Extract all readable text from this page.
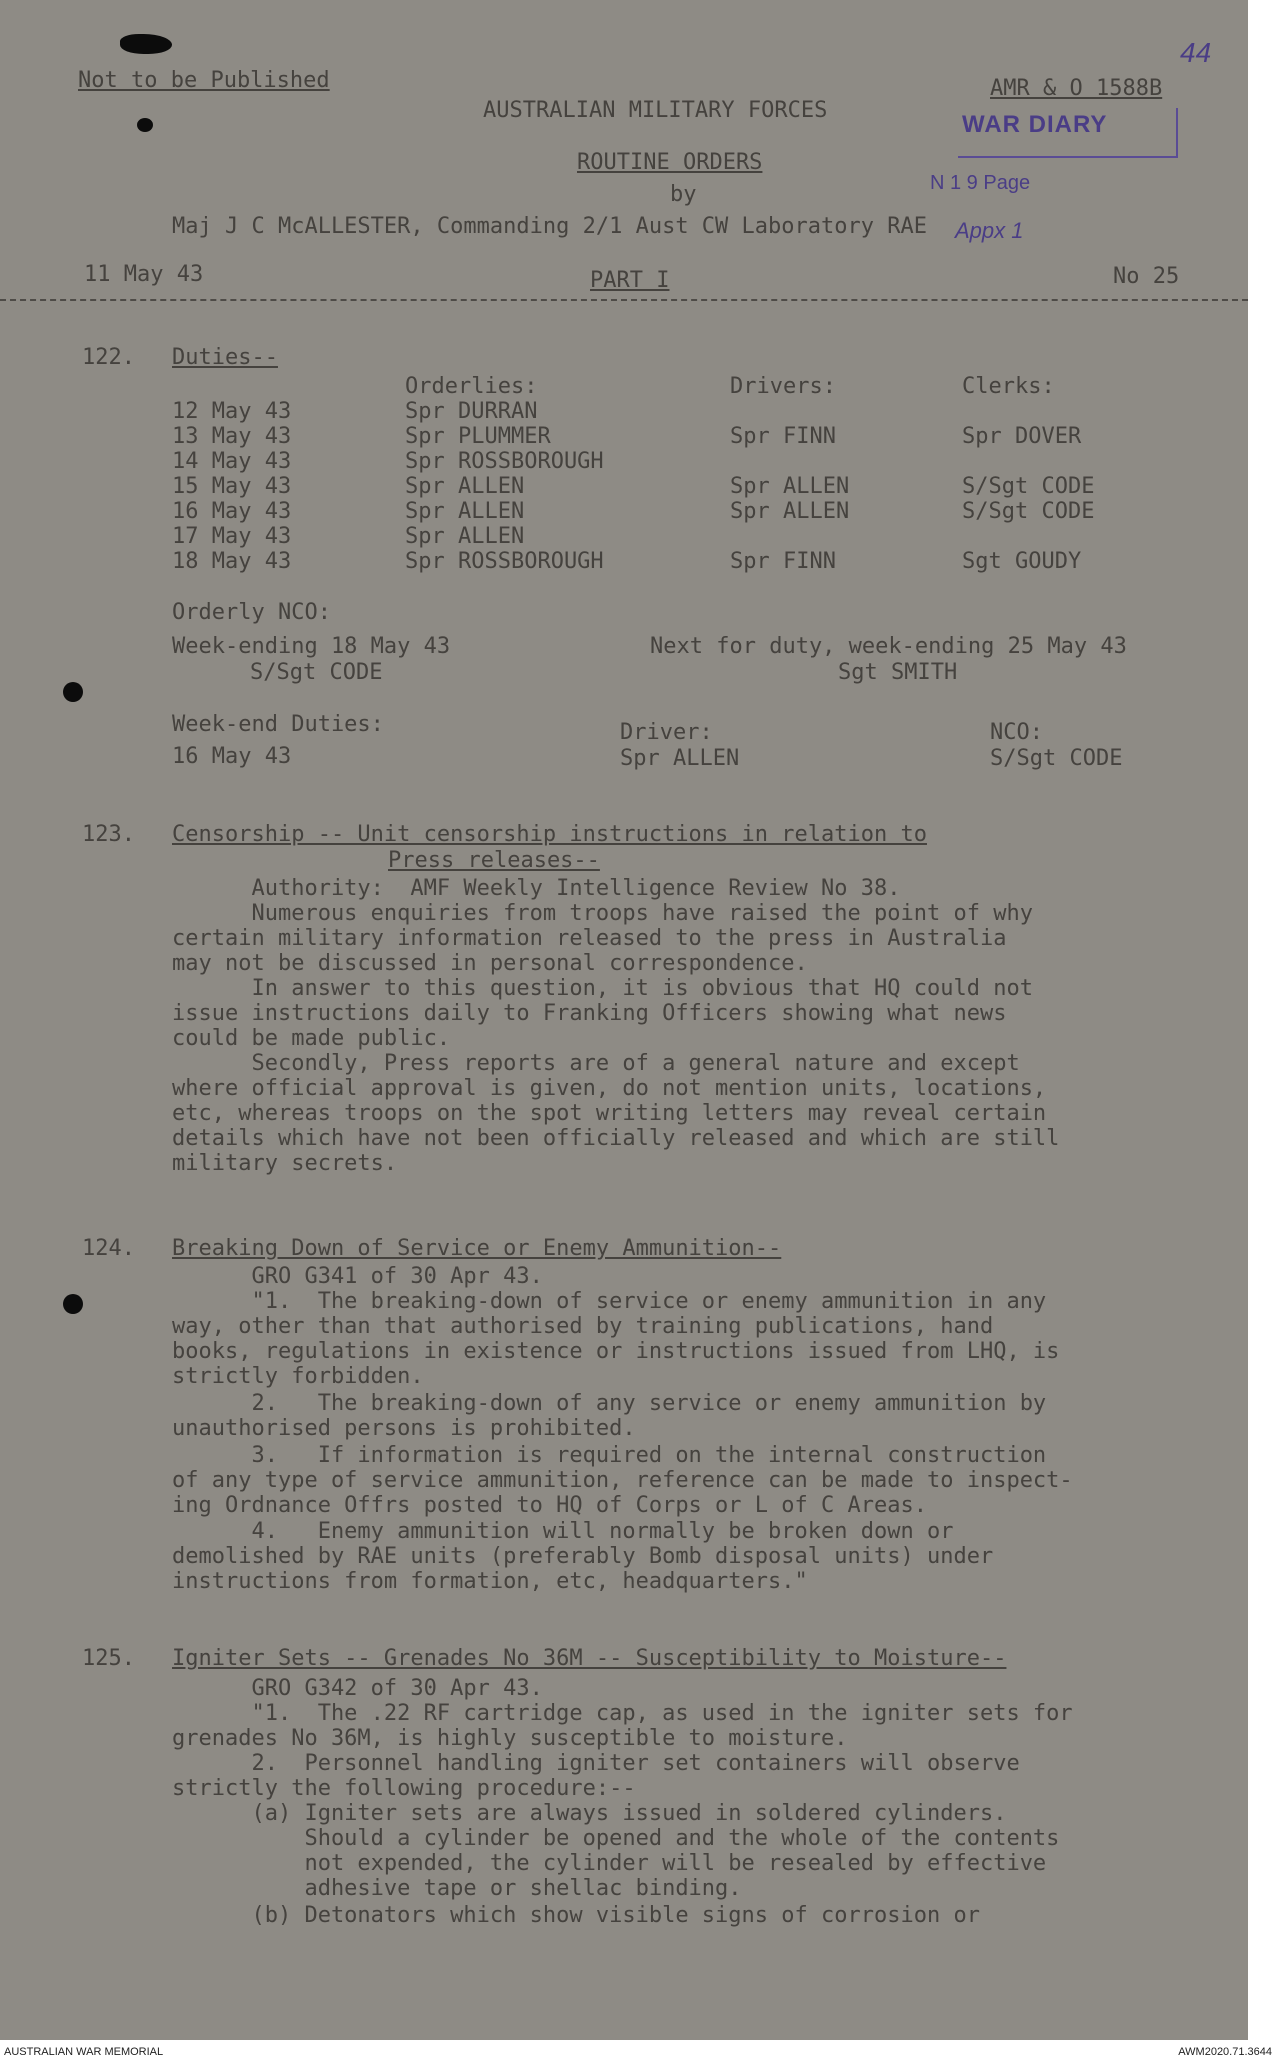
Not to be Published
44
AMR & O 1588B
AUSTRALIAN MILITARY FORCES
WAR DIARY
ROUTINE ORDERS
by	N 1 9 Page
Maj J C McALLESTER, Commanding 2/1 Aust CW Laboratory RAE Appx 1
11 May 43	PART I	No 25
122. Duties--
Orderlies:	Drivers:	Clerks:
12 May 43	Spr DURRAN
13 May 43	Spr PLUMMER	Spr FINN	Spr DOVER
14 May 43	Spr ROSSBOROUGH
15 May 43	Spr ALLEN	Spr ALLEN	S/Sgt CODE
16 May 43	Spr ALLEN	Spr ALLEN	S/Sgt CODE
17 May 43	Spr ALLEN
18 May 43	Spr ROSSBOROUGH	Spr FINN	Sgt GOUDY
Orderly NCO:
Week-ending 18 May 43
S/Sgt CODE
Next for duty, week-ending 25 May 43
Sgt SMITH
Week-end Duties:
16 May 43
Driver:
Spr ALLEN
NCO:
S/Sgt CODE
123. Censorship -- Unit censorship instructions in relation to
Press releases--
Authority:  AMF Weekly Intelligence Review No 38.
Numerous enquiries from troops have raised the point of why
certain military information released to the press in Australia
may not be discussed in personal correspondence.
In answer to this question, it is obvious that HQ could not
issue instructions daily to Franking Officers showing what news
could be made public.
Secondly, Press reports are of a general nature and except
where official approval is given, do not mention units, locations,
etc, whereas troops on the spot writing letters may reveal certain
details which have not been officially released and which are still
military secrets.
124. Breaking Down of Service or Enemy Ammunition--
GRO G341 of 30 Apr 43.
"1.  The breaking-down of service or enemy ammunition in any
way, other than that authorised by training publications, hand
books, regulations in existence or instructions issued from LHQ, is
strictly forbidden.
2.   The breaking-down of any service or enemy ammunition by
unauthorised persons is prohibited.
3.   If information is required on the internal construction
of any type of service ammunition, reference can be made to inspect-
ing Ordnance Offrs posted to HQ of Corps or L of C Areas.
4.   Enemy ammunition will normally be broken down or
demolished by RAE units (preferably Bomb disposal units) under
instructions from formation, etc, headquarters."
125. Igniter Sets -- Grenades No 36M -- Susceptibility to Moisture--
GRO G342 of 30 Apr 43.
"1.  The .22 RF cartridge cap, as used in the igniter sets for
grenades No 36M, is highly susceptible to moisture.
2.  Personnel handling igniter set containers will observe
strictly the following procedure:--
(a) Igniter sets are always issued in soldered cylinders.
Should a cylinder be opened and the whole of the contents
not expended, the cylinder will be resealed by effective
adhesive tape or shellac binding.
(b) Detonators which show visible signs of corrosion or
AUSTRALIAN WAR MEMORIAL	AWM2020.71.3644
